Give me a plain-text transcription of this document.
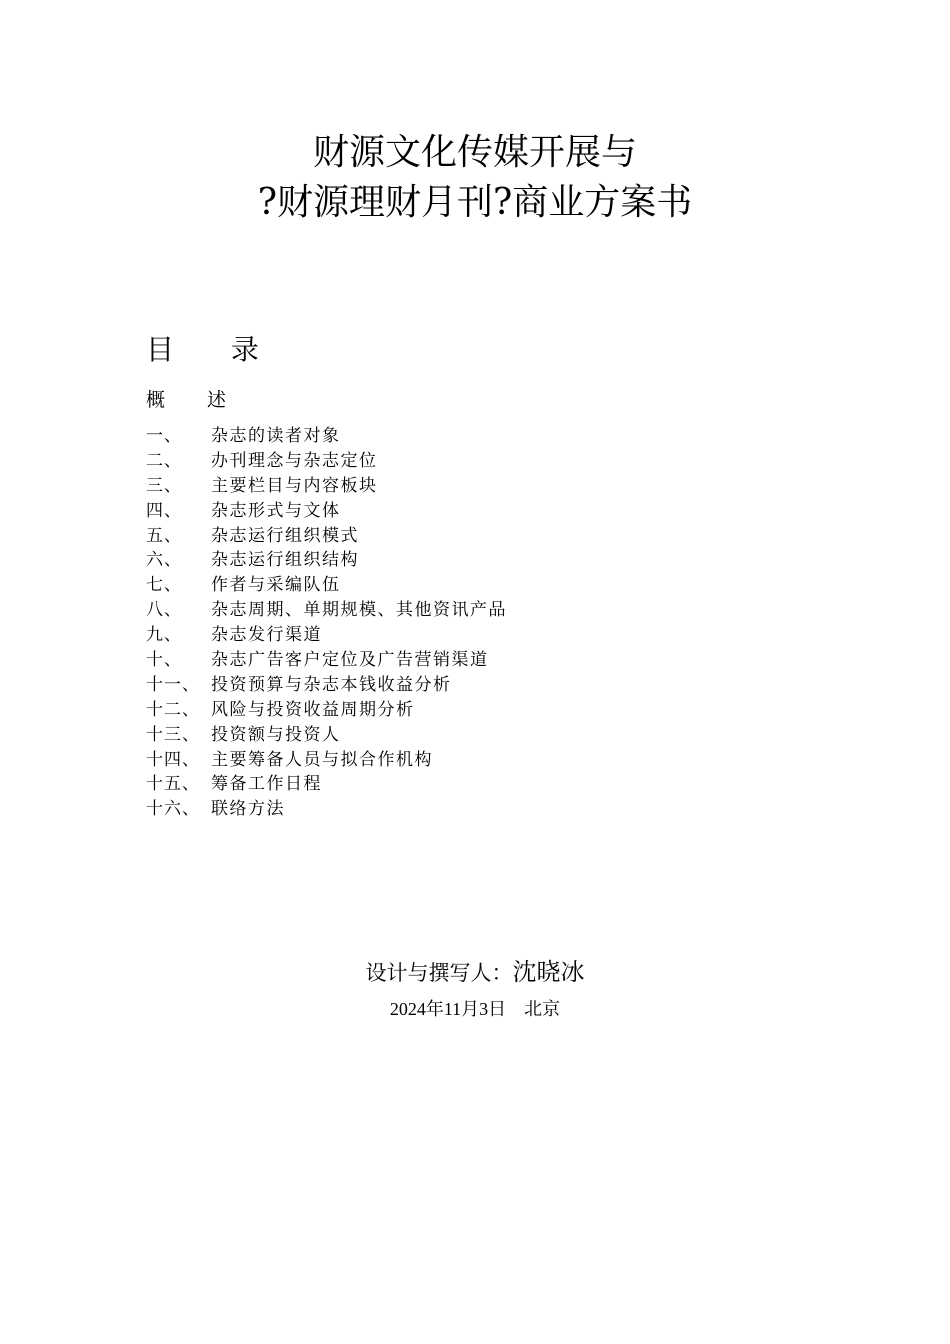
财源文化传媒开展与
?财源理财月刊?商业方案书
目 录
概 述
一、	杂志的读者对象
二、	办刊理念与杂志定位
三、	主要栏目与内容板块
四、	杂志形式与文体
五、	杂志运行组织模式
六、	杂志运行组织结构
七、	作者与采编队伍
八、	杂志周期、单期规模、其他资讯产品
九、	杂志发行渠道
十、	杂志广告客户定位及广告营销渠道
十一、 投资预算与杂志本钱收益分析
十二、 风险与投资收益周期分析
十三、 投资额与投资人
十四、 主要筹备人员与拟合作机构
十五、 筹备工作日程
十六、 联络方法
设计与撰写人：沈晓冰
2024年11月3日 北京
